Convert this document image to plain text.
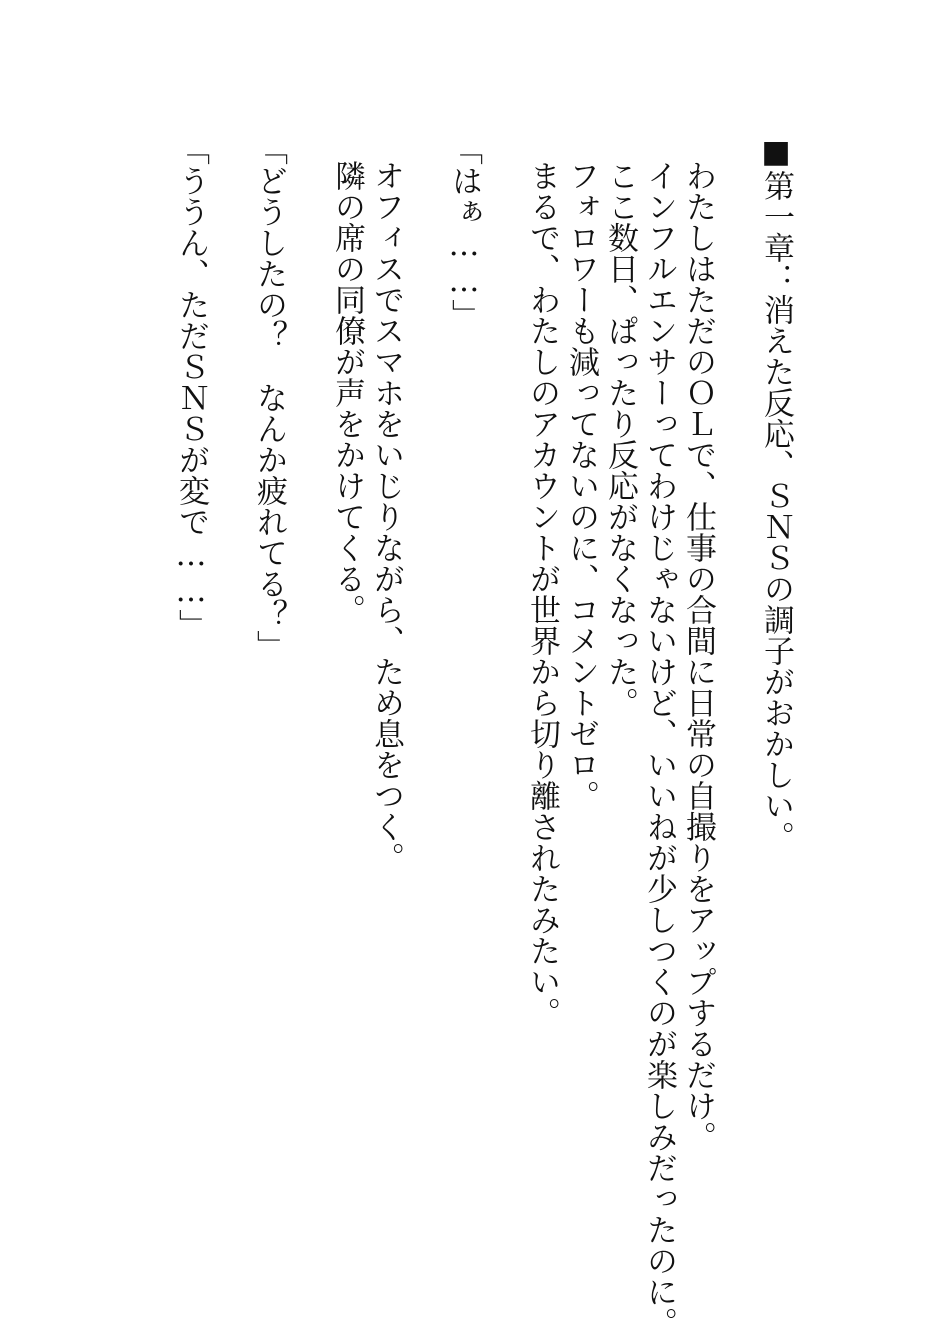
■第一章：消えた反応、ＳＮＳの調子がおかしい。
わたしはただのＯＬで、仕事の合間に日常の自撮りをアップするだけ。
インフルエンサーってわけじゃないけど、いいねが少しつくのが楽しみだったのに。
ここ数日、ぱったり反応がなくなった。
フォロワーも減ってないのに、コメントゼロ。
まるで、わたしのアカウントが世界から切り離されたみたい。
「はぁ……」
オフィスでスマホをいじりながら、ため息をつく。
隣の席の同僚が声をかけてくる。
「どうしたの？　なんか疲れてる？」
「ううん、ただＳＮＳが変で……」
